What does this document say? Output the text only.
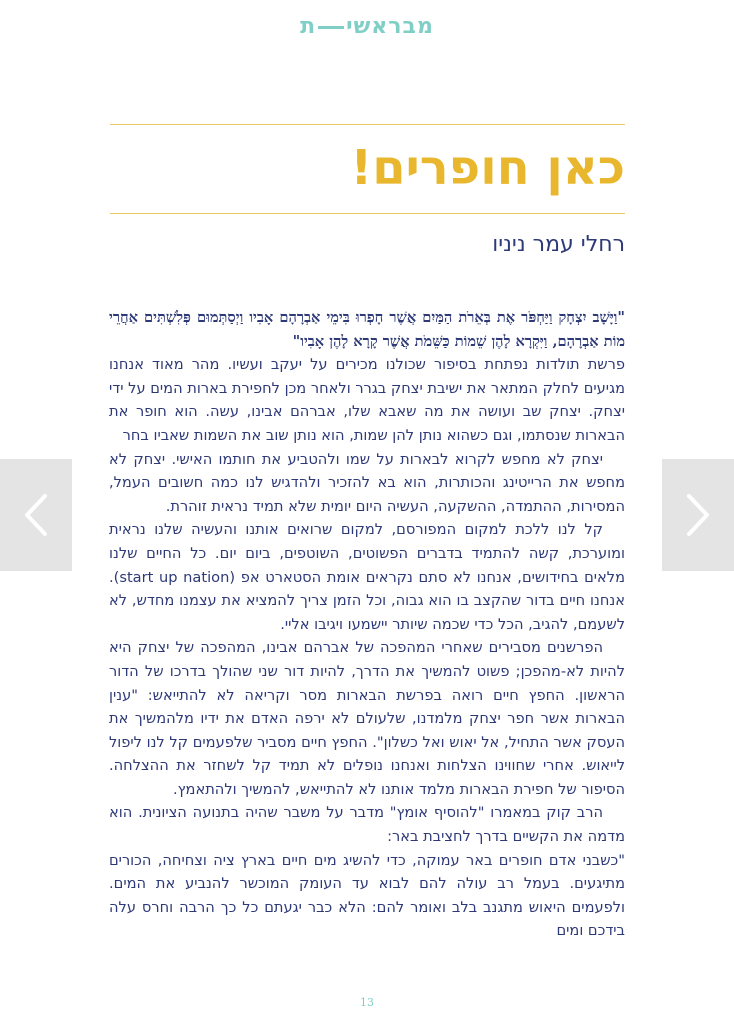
מבראשית
כאן חופרים!
רחלי עמר ניניו

"וַיָּשָׁב יִצְחָק וַיַּחְפֹּר אֶת בְּאֵרֹת הַמַּיִם אֲשֶׁר חָפְרוּ בִּימֵי אַבְרָהָם אָבִיו וַיְסַתְּמוּם פְּלִשְׁתִּים אַחֲרֵי מוֹת אַבְרָהָם, וַיִּקְרָא לָהֶן שֵׁמוֹת כַּשֵּׁמֹת אֲשֶׁר קָרָא לָהֶן אָבִיו"

פרשת תולדות נפתחת בסיפור שכולנו מכירים על יעקב ועשיו. מהר מאוד אנחנו מגיעים לחלק המתאר את ישיבת יצחק בגרר ולאחר מכן לחפירת בארות המים על ידי יצחק. יצחק שב ועושה את מה שאבא שלו, אברהם אבינו, עשה. הוא חופר את הבארות שנסתמו, וגם כשהוא נותן להן שמות, הוא נותן שוב את השמות שאביו בחר

יצחק לא מחפש לקרוא לבארות על שמו ולהטביע את חותמו האישי. יצחק לא מחפש את הרייטינג והכותרות, הוא בא להזכיר ולהדגיש לנו כמה חשובים העמל, המסירות, ההתמדה, ההשקעה, העשיה היום יומית שלא תמיד נראית זוהרת.

קל לנו ללכת למקום המפורסם, למקום שרואים אותנו והעשיה שלנו נראית ומוערכת, קשה להתמיד בדברים הפשוטים, השוטפים, ביום יום. כל החיים שלנו מלאים בחידושים, אנחנו לא סתם נקראים אומת הסטארט אפ (start up nation). אנחנו חיים בדור שהקצב בו הוא גבוה, וכל הזמן צריך להמציא את עצמנו מחדש, לא לשעמם, להגיב, הכל כדי שכמה שיותר יישמעו ויגיבו אליי.

הפרשנים מסבירים שאחרי המהפכה של אברהם אבינו, המהפכה של יצחק היא להיות לא-מהפכן; פשוט להמשיך את הדרך, להיות דור שני שהולך בדרכו של הדור הראשון. החפץ חיים רואה בפרשת הבארות מסר וקריאה לא להתייאש: "ענין הבארות אשר חפר יצחק מלמדנו, שלעולם לא ירפה האדם את ידיו מלהמשיך את העסק אשר התחיל, אל יאוש ואל כשלון". החפץ חיים מסביר שלפעמים קל לנו ליפול לייאוש. אחרי שחווינו הצלחות ואנחנו נופלים לא תמיד קל לשחזר את ההצלחה. הסיפור של חפירת הבארות מלמד אותנו לא להתייאש, להמשיך ולהתאמץ.

הרב קוק במאמרו "להוסיף אומץ" מדבר על משבר שהיה בתנועה הציונית. הוא מדמה את הקשיים בדרך לחציבת באר:

"כשבני אדם חופרים באר עמוקה, כדי להשיג מים חיים בארץ ציה וצחיחה, הכורים מתיגעים. בעמל רב עולה להם לבוא עד העומק המוכשר להנביע את המים. ולפעמים היאוש מתגנב בלב ואומר להם: הלא כבר יגעתם כל כך הרבה וחרס עלה בידכם ומים

13
